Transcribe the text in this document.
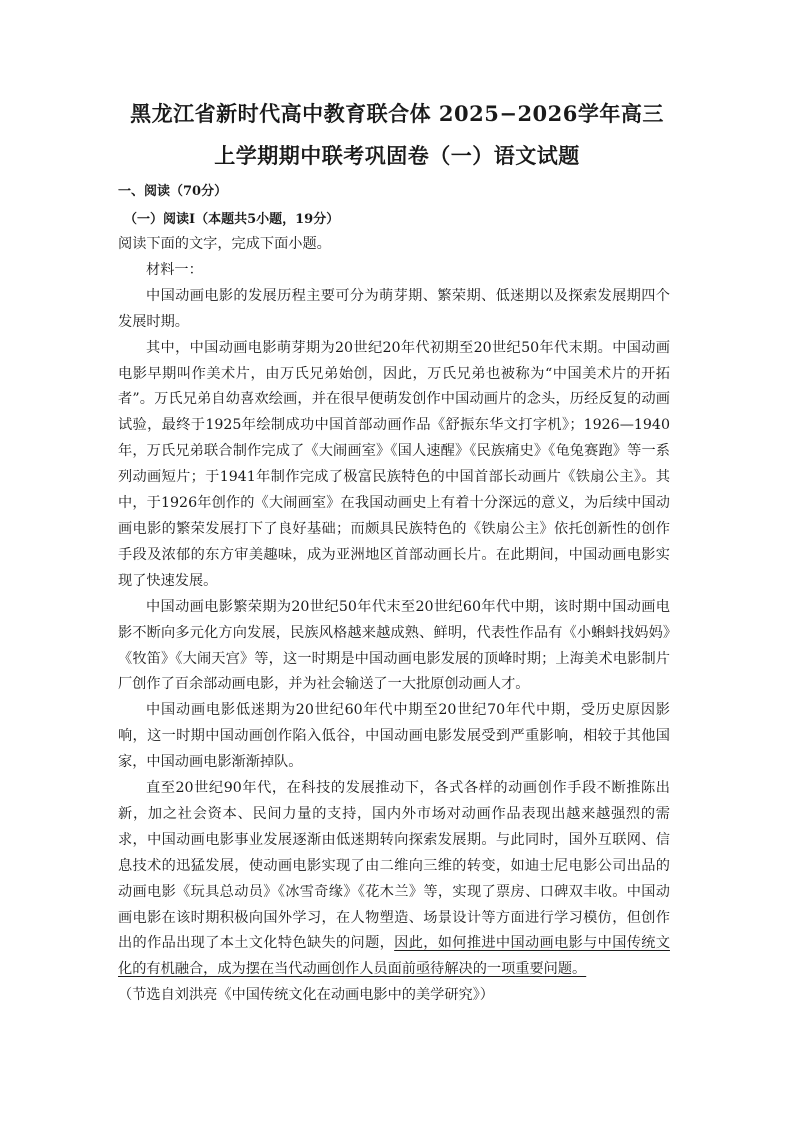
黑龙江省新时代高中教育联合体 2025−2026学年高三
上学期期中联考巩固卷（一）语文试题
一、阅读（70分）
（一）阅读Ⅰ（本题共5小题，19分）

阅读下面的文字，完成下面小题。

材料一：

中国动画电影的发展历程主要可分为萌芽期、繁荣期、低迷期以及探索发展期四个发展时期。

其中，中国动画电影萌芽期为20世纪20年代初期至20世纪50年代末期。中国动画电影早期叫作美术片，由万氏兄弟始创，因此，万氏兄弟也被称为“中国美术片的开拓者”。万氏兄弟自幼喜欢绘画，并在很早便萌发创作中国动画片的念头，历经反复的动画试验，最终于1925年绘制成功中国首部动画作品《舒振东华文打字机》；1926—1940年，万氏兄弟联合制作完成了《大闹画室》《国人速醒》《民族痛史》《龟兔赛跑》等一系列动画短片；于1941年制作完成了极富民族特色的中国首部长动画片《铁扇公主》。其中，于1926年创作的《大闹画室》在我国动画史上有着十分深远的意义，为后续中国动画电影的繁荣发展打下了良好基础；而颇具民族特色的《铁扇公主》依托创新性的创作手段及浓郁的东方审美趣味，成为亚洲地区首部动画长片。在此期间，中国动画电影实现了快速发展。

中国动画电影繁荣期为20世纪50年代末至20世纪60年代中期，该时期中国动画电影不断向多元化方向发展，民族风格越来越成熟、鲜明，代表性作品有《小蝌蚪找妈妈》《牧笛》《大闹天宫》等，这一时期是中国动画电影发展的顶峰时期；上海美术电影制片厂创作了百余部动画电影，并为社会输送了一大批原创动画人才。

中国动画电影低迷期为20世纪60年代中期至20世纪70年代中期，受历史原因影响，这一时期中国动画创作陷入低谷，中国动画电影发展受到严重影响，相较于其他国家，中国动画电影渐渐掉队。

直至20世纪90年代，在科技的发展推动下，各式各样的动画创作手段不断推陈出新，加之社会资本、民间力量的支持，国内外市场对动画作品表现出越来越强烈的需求，中国动画电影事业发展逐渐由低迷期转向探索发展期。与此同时，国外互联网、信息技术的迅猛发展，使动画电影实现了由二维向三维的转变，如迪士尼电影公司出品的动画电影《玩具总动员》《冰雪奇缘》《花木兰》等，实现了票房、口碑双丰收。中国动画电影在该时期积极向国外学习，在人物塑造、场景设计等方面进行学习模仿，但创作出的作品出现了本土文化特色缺失的问题，因此，如何推进中国动画电影与中国传统文化的有机融合，成为摆在当代动画创作人员面前亟待解决的一项重要问题。

（节选自刘洪亮《中国传统文化在动画电影中的美学研究》）
